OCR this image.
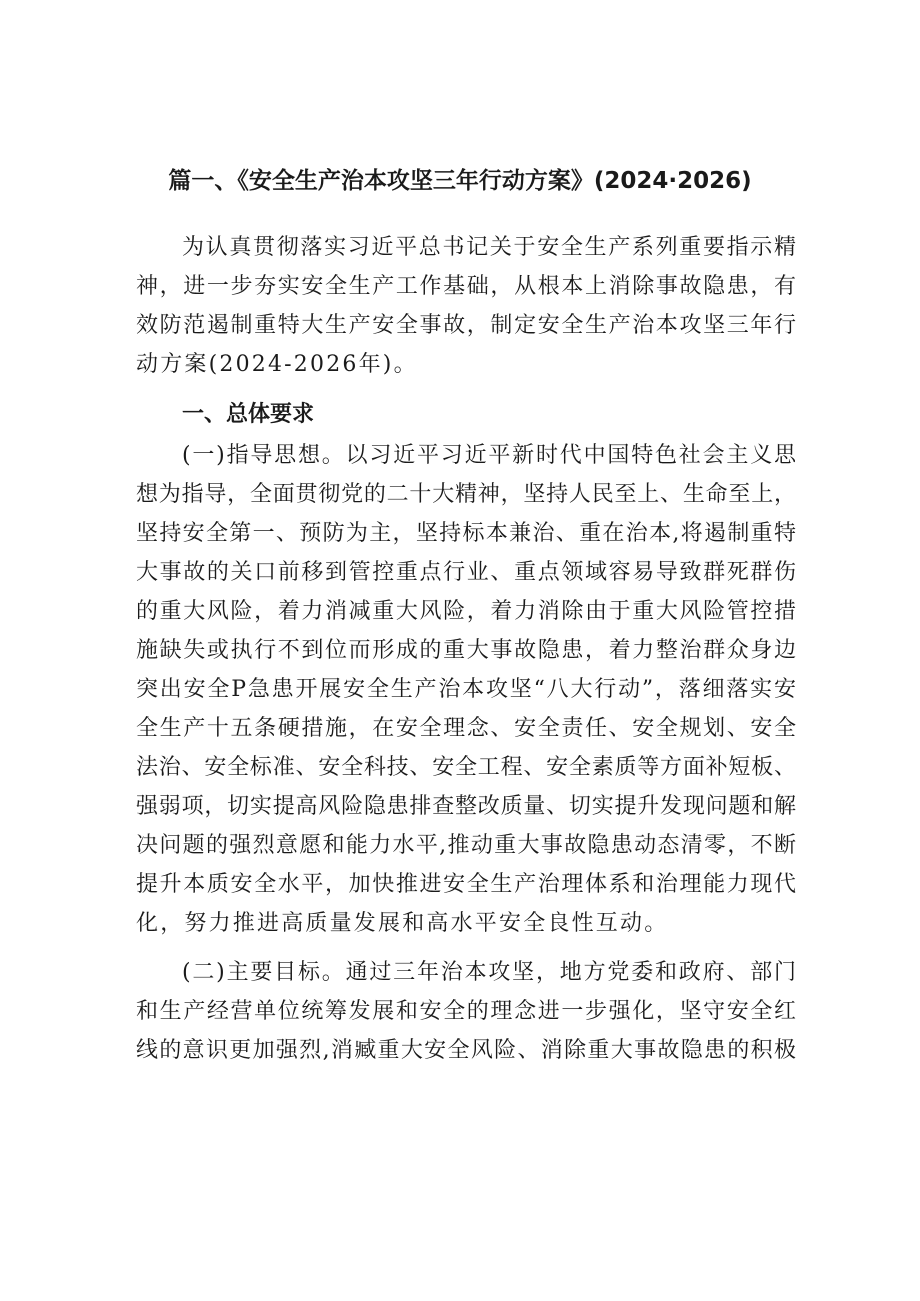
篇一、《安全生产治本攻坚三年行动方案》(2024·2026)

为认真贯彻落实习近平总书记关于安全生产系列重要指示精

神，进一步夯实安全生产工作基础，从根本上消除事故隐患，有

效防范遏制重特大生产安全事故，制定安全生产治本攻坚三年行

动方案(2024-2026年)。

一、总体要求

(一)指导思想。以习近平习近平新时代中国特色社会主义思

想为指导，全面贯彻党的二十大精神，坚持人民至上、生命至上，

坚持安全第一、预防为主，坚持标本兼治、重在治本,将遏制重特

大事故的关口前移到管控重点行业、重点领域容易导致群死群伤

的重大风险，着力消减重大风险，着力消除由于重大风险管控措

施缺失或执行不到位而形成的重大事故隐患，着力整治群众身边

突出安全P急患开展安全生产治本攻坚“八大行动”，落细落实安

全生产十五条硬措施，在安全理念、安全责任、安全规划、安全

法治、安全标准、安全科技、安全工程、安全素质等方面补短板、

强弱项，切实提高风险隐患排查整改质量、切实提升发现问题和解

决问题的强烈意愿和能力水平,推动重大事故隐患动态清零，不断

提升本质安全水平，加快推进安全生产治理体系和治理能力现代

化，努力推进高质量发展和高水平安全良性互动。

(二)主要目标。通过三年治本攻坚，地方党委和政府、部门

和生产经营单位统筹发展和安全的理念进一步强化，坚守安全红

线的意识更加强烈,消臧重大安全风险、消除重大事故隐患的积极
